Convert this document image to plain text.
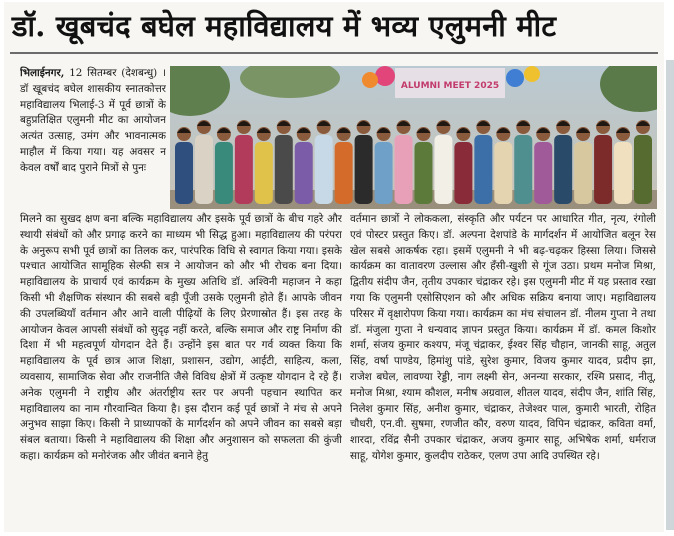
डॉ. खूबचंद बघेल महाविद्यालय में भव्य एलुमनी मीट

भिलाईनगर, 12 सितम्बर (देशबन्धु) । डॉ खूबचंद बघेल शासकीय स्नातकोत्तर महाविद्यालय भिलाई-3 में पूर्व छात्रों के बहुप्रतिक्षित एलुमनी मीट का आयोजन अत्यंत उत्साह, उमंग और भावनात्मक माहौल में किया गया। यह अवसर न केवल वर्षों बाद पुराने मित्रों से पुनः

ALUMNI MEET 2025

मिलने का सुखद क्षण बना बल्कि महाविद्यालय और इसके पूर्व छात्रों के बीच गहरे और स्थायी संबंधों को और प्रगाढ़ करने का माध्यम भी सिद्ध हुआ। महाविद्यालय की परंपरा के अनुरूप सभी पूर्व छात्रों का तिलक कर, पारंपरिक विधि से स्वागत किया गया। इसके पश्चात आयोजित सामूहिक सेल्फी सत्र ने आयोजन को और भी रोचक बना दिया। महाविद्यालय के प्राचार्य एवं कार्यक्रम के मुख्य अतिथि डॉ. अश्विनी महाजन ने कहा किसी भी शैक्षणिक संस्थान की सबसे बड़ी पूँजी उसके एलुमनी होते हैं। आपके जीवन की उपलब्धियाँ वर्तमान और आने वाली पीढ़ियों के लिए प्रेरणास्रोत हैं। इस तरह के आयोजन केवल आपसी संबंधों को सुदृढ़ नहीं करते, बल्कि समाज और राष्ट्र निर्माण की दिशा में भी महत्वपूर्ण योगदान देते हैं। उन्होंने इस बात पर गर्व व्यक्त किया कि महाविद्यालय के पूर्व छात्र आज शिक्षा, प्रशासन, उद्योग, आईटी, साहित्य, कला, व्यवसाय, सामाजिक सेवा और राजनीति जैसे विविध क्षेत्रों में उत्कृष्ट योगदान दे रहे हैं। अनेक एलुमनी ने राष्ट्रीय और अंतर्राष्ट्रीय स्तर पर अपनी पहचान स्थापित कर महाविद्यालय का नाम गौरवान्वित किया है। इस दौरान कई पूर्व छात्रों ने मंच से अपने अनुभव साझा किए। किसी ने प्राध्यापकों के मार्गदर्शन को अपने जीवन का सबसे बड़ा संबल बताया। किसी ने महाविद्यालय की शिक्षा और अनुशासन को सफलता की कुंजी कहा। कार्यक्रम को मनोरंजक और जीवंत बनाने हेतु

वर्तमान छात्रों ने लोककला, संस्कृति और पर्यटन पर आधारित गीत, नृत्य, रंगोली एवं पोस्टर प्रस्तुत किए। डॉ. अल्पना देशपांडे के मार्गदर्शन में आयोजित बलून रेस खेल सबसे आकर्षक रहा। इसमें एलुमनी ने भी बढ़-चढ़कर हिस्सा लिया। जिससे कार्यक्रम का वातावरण उल्लास और हँसी-खुशी से गूंज उठा। प्रथम मनोज मिश्रा, द्वितीय संदीप जैन, तृतीय उपकार चंद्राकर रहे। इस एलुमनी मीट में यह प्रस्ताव रखा गया कि एलुमनी एसोसिएशन को और अधिक सक्रिय बनाया जाए। महाविद्यालय परिसर में वृक्षारोपण किया गया। कार्यक्रम का मंच संचालन डॉ. नीलम गुप्ता ने तथा डॉ. मंजुला गुप्ता ने धन्यवाद ज्ञापन प्रस्तुत किया। कार्यक्रम में डॉ. कमल किशोर शर्मा, संजय कुमार कश्यप, मंजू चंद्राकर, ईश्वर सिंह चौहान, जानकी साहू, अतुल सिंह, वर्षा पाण्डेय, हिमांशु पांडे, सुरेश कुमार, विजय कुमार यादव, प्रदीप झा, राजेश बघेल, लावण्या रेड्डी, नाग लक्ष्मी सेन, अनन्या सरकार, रश्मि प्रसाद, नीतू, मनोज मिश्रा, श्याम कौशल, मनीष अग्रवाल, शीतल यादव, संदीप जैन, शांति सिंह, निलेश कुमार सिंह, अनीश कुमार, चंद्राकर, तेजेश्वर पाल, कुमारी भारती, रोहित चौधरी, एन.वी. सुषमा, रणजीत कौर, वरुण यादव, विपिन चंद्राकर, कविता वर्मा, शारदा, रविंद्र सैनी उपकार चंद्राकर, अजय कुमार साहू, अभिषेक शर्मा, धर्मराज साहू, योगेश कुमार, कुलदीप राठेकर, एलण उपा आदि उपस्थित रहे।
